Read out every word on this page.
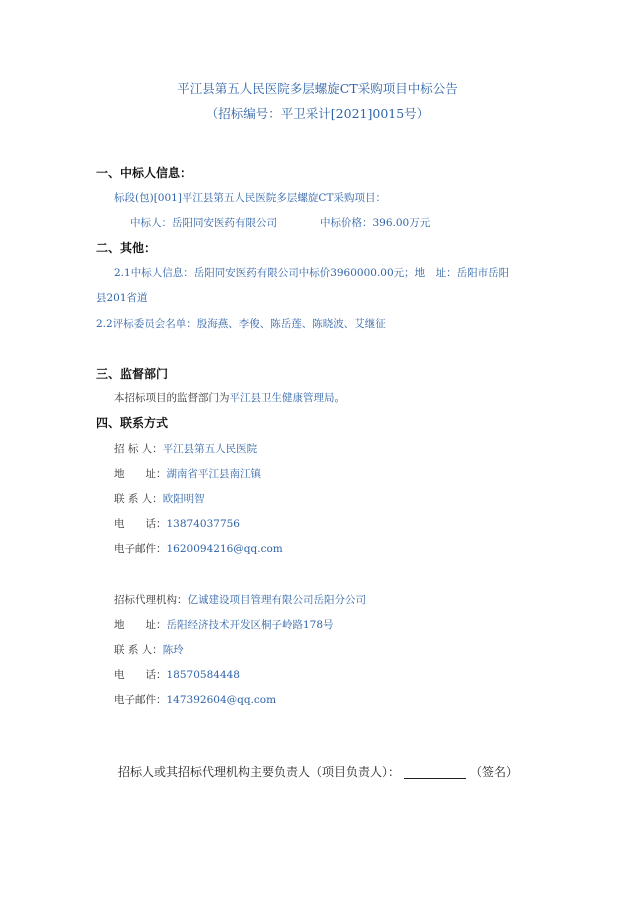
平江县第五人民医院多层螺旋CT采购项目中标公告
（招标编号：平卫采计[2021]0015号）
一、中标人信息：
标段(包)[001]平江县第五人民医院多层螺旋CT采购项目：
中标人：岳阳同安医药有限公司	中标价格：396.00万元
二、其他：
2.1中标人信息：岳阳同安医药有限公司中标价3960000.00元；地　址：岳阳市岳阳
县201省道
2.2评标委员会名单：殷海燕、李俊、陈岳莲、陈晓波、艾继征
三、监督部门
本招标项目的监督部门为平江县卫生健康管理局。
四、联系方式
招 标 人：平江县第五人民医院
地　　址：湖南省平江县南江镇
联 系 人：欧阳明智
电　　话：13874037756
电子邮件：1620094216@qq.com
招标代理机构：亿诚建设项目管理有限公司岳阳分公司
地　　址：岳阳经济技术开发区桐子岭路178号
联 系 人：陈玲
电　　话：18570584448
电子邮件：147392604@qq.com
招标人或其招标代理机构主要负责人（项目负责人）：	（签名）
